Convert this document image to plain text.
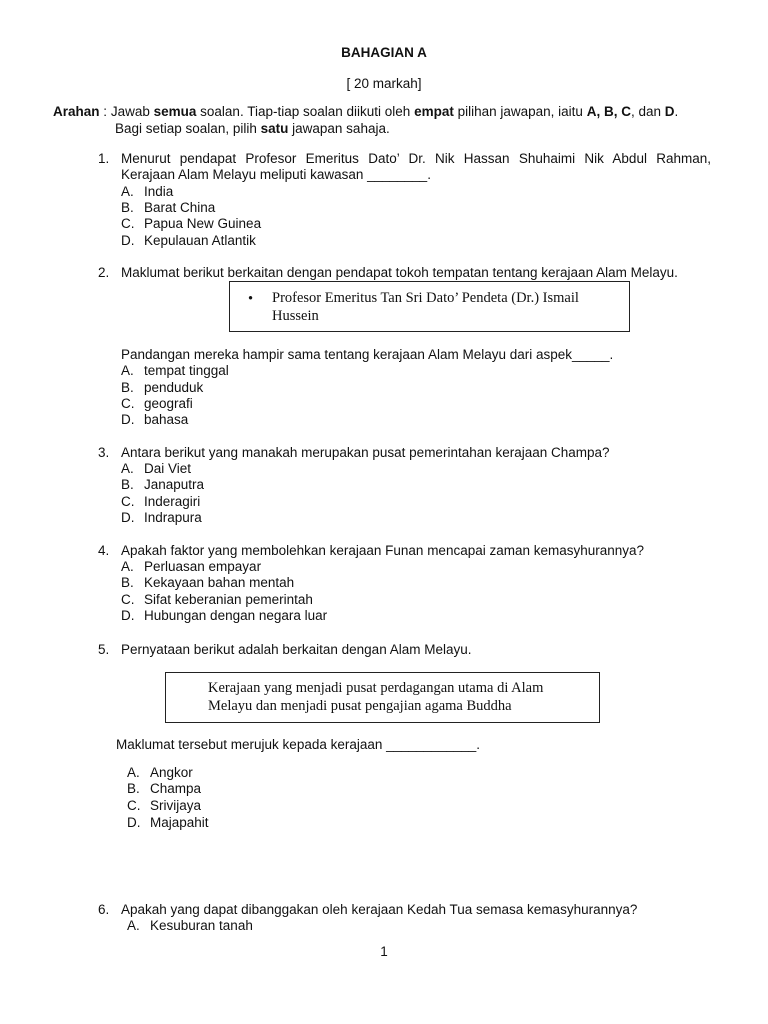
BAHAGIAN A
[ 20 markah]
Arahan : Jawab semua soalan. Tiap-tiap soalan diikuti oleh empat pilihan jawapan, iaitu A, B, C, dan D.
Bagi setiap soalan, pilih satu jawapan sahaja.
1. Menurut pendapat Profesor Emeritus Dato’ Dr. Nik Hassan Shuhaimi Nik Abdul Rahman,
Kerajaan Alam Melayu meliputi kawasan ________.
A. India
B. Barat China
C. Papua New Guinea
D. Kepulauan Atlantik
2. Maklumat berikut berkaitan dengan pendapat tokoh tempatan tentang kerajaan Alam Melayu.
• Profesor Emeritus Tan Sri Dato’ Pendeta (Dr.) Ismail
Hussein
Pandangan mereka hampir sama tentang kerajaan Alam Melayu dari aspek_____.
A. tempat tinggal
B. penduduk
C. geografi
D. bahasa
3. Antara berikut yang manakah merupakan pusat pemerintahan kerajaan Champa?
A. Dai Viet
B. Janaputra
C. Inderagiri
D. Indrapura
4. Apakah faktor yang membolehkan kerajaan Funan mencapai zaman kemasyhurannya?
A. Perluasan empayar
B. Kekayaan bahan mentah
C. Sifat keberanian pemerintah
D. Hubungan dengan negara luar
5. Pernyataan berikut adalah berkaitan dengan Alam Melayu.
Kerajaan yang menjadi pusat perdagangan utama di Alam
Melayu dan menjadi pusat pengajian agama Buddha
Maklumat tersebut merujuk kepada kerajaan ____________.
A. Angkor
B. Champa
C. Srivijaya
D. Majapahit
6. Apakah yang dapat dibanggakan oleh kerajaan Kedah Tua semasa kemasyhurannya?
A. Kesuburan tanah
1
